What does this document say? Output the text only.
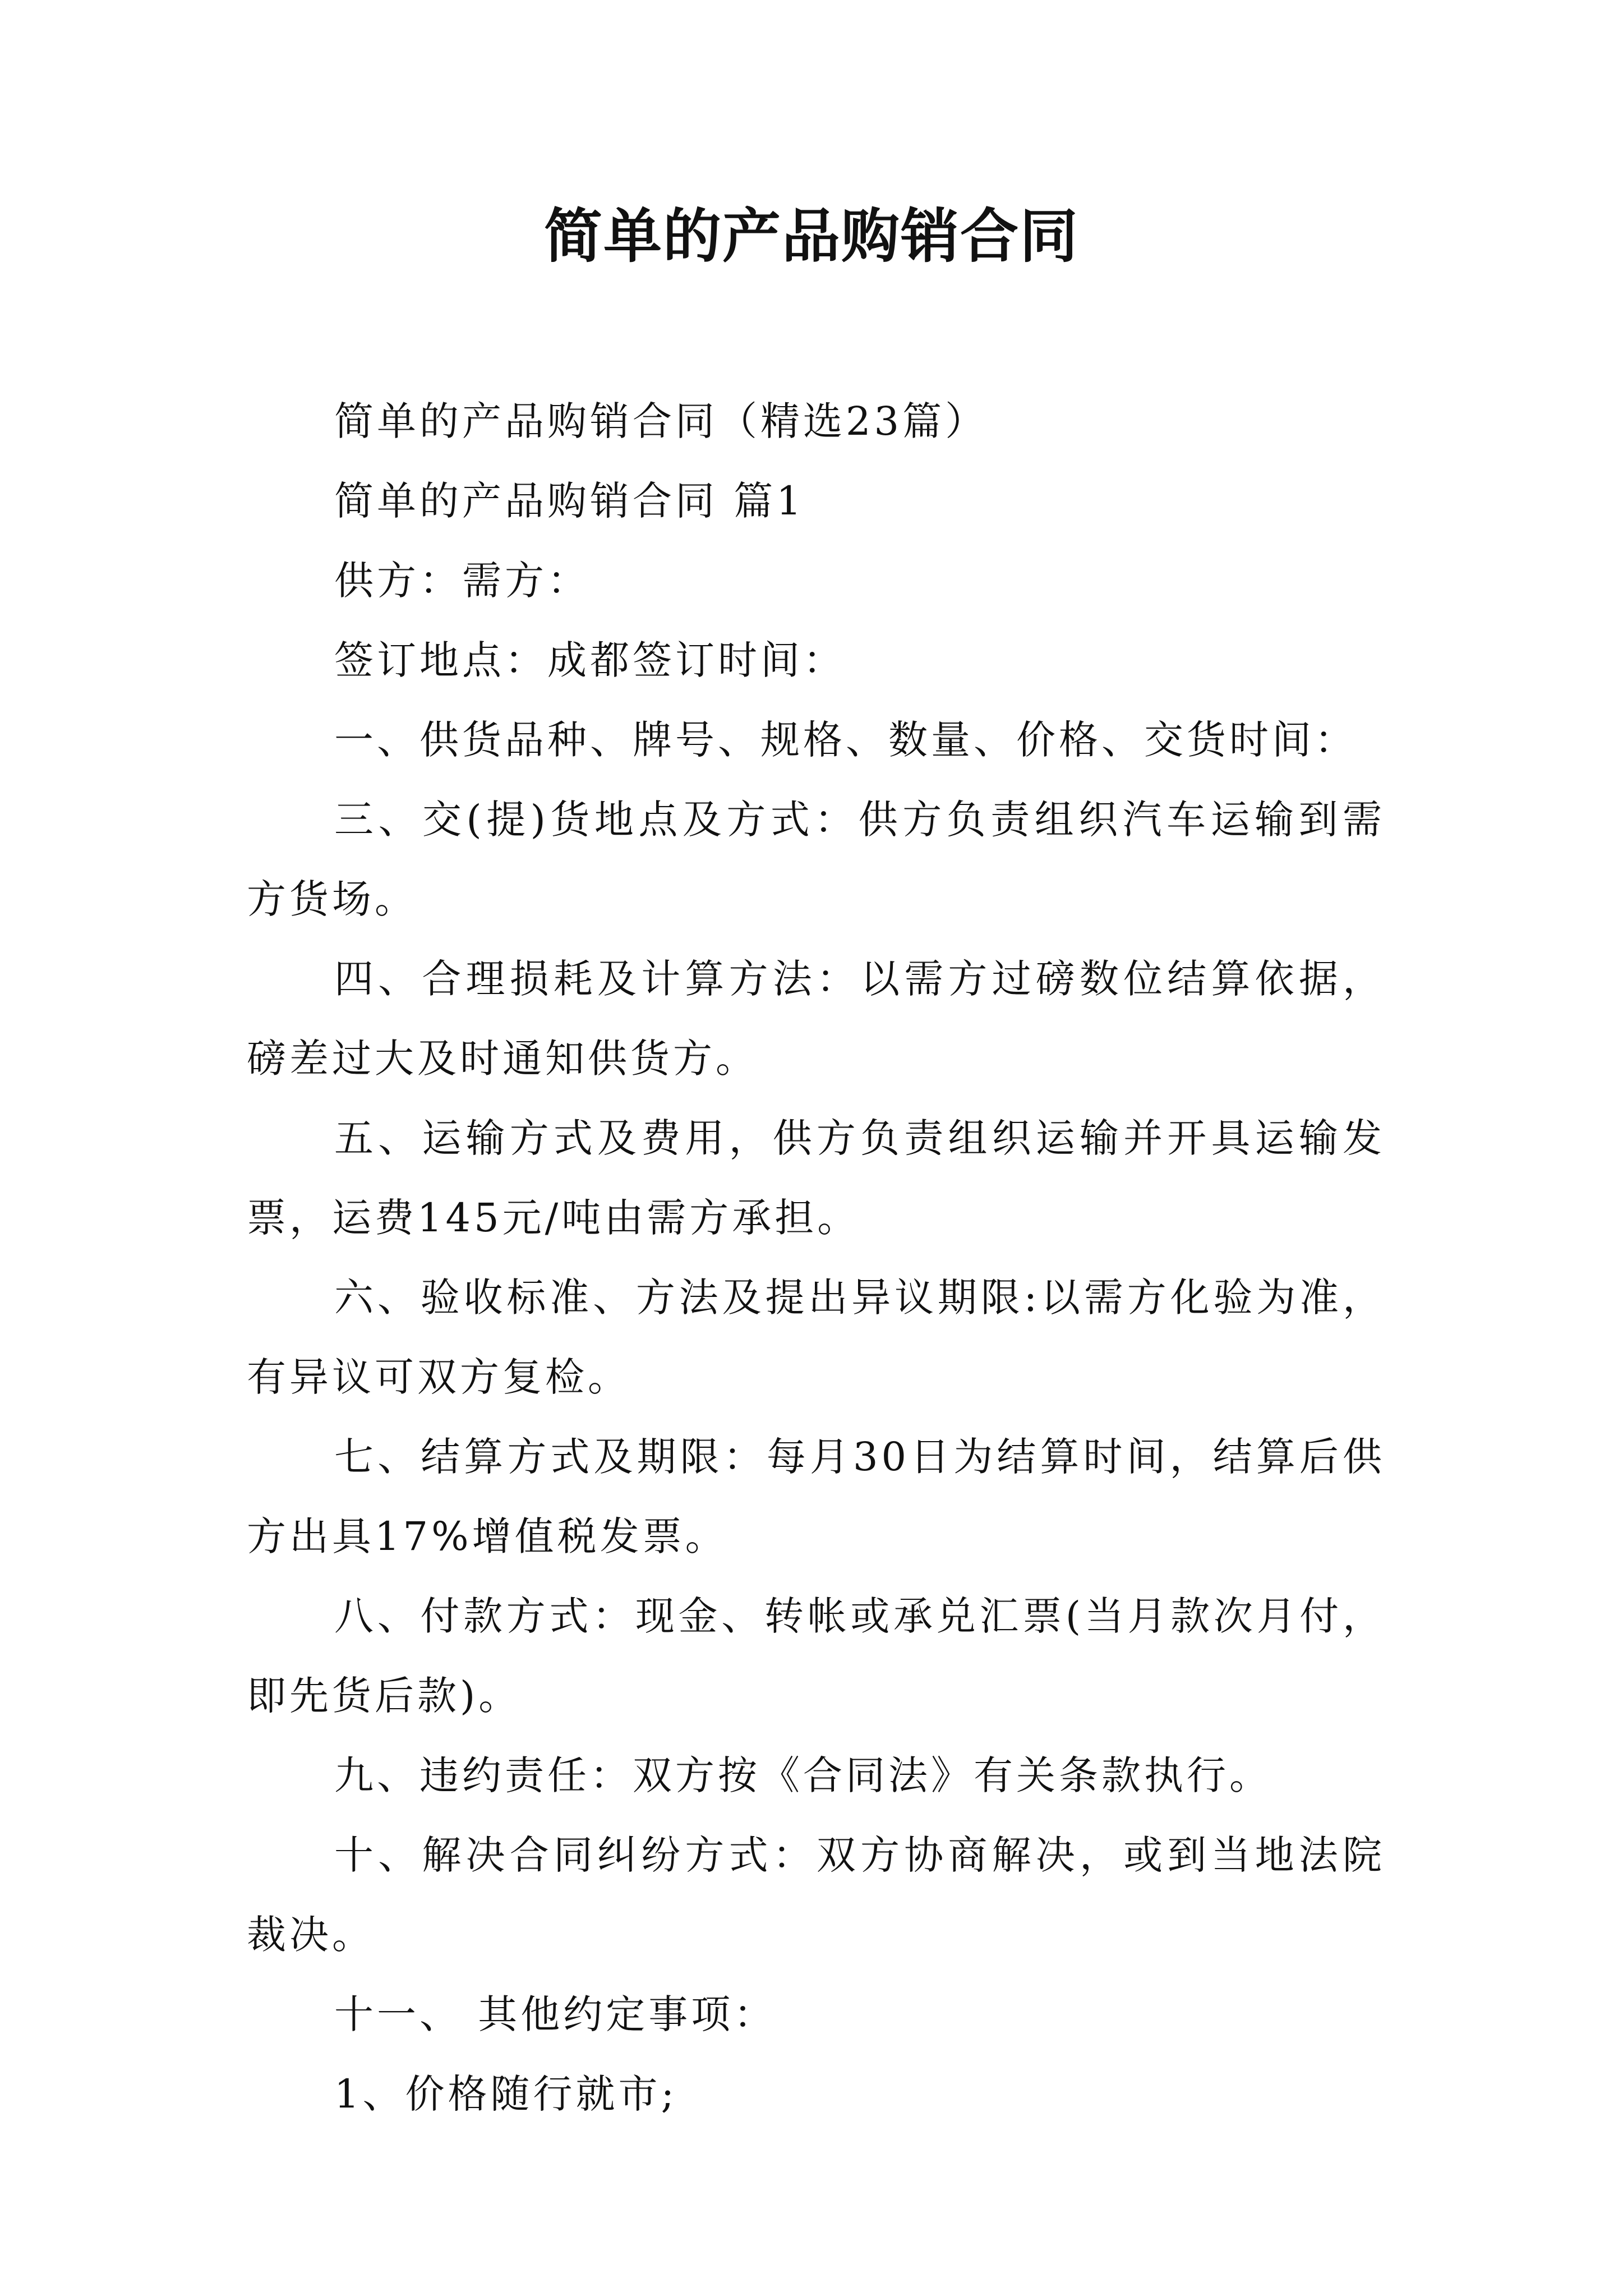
简单的产品购销合同

简单的产品购销合同（精选23篇）

简单的产品购销合同 篇1

供方：需方：

签订地点：成都签订时间：

一、供货品种、牌号、规格、数量、价格、交货时间：

三、交(提)货地点及方式：供方负责组织汽车运输到需方货场。

四、合理损耗及计算方法：以需方过磅数位结算依据，磅差过大及时通知供货方。

五、运输方式及费用，供方负责组织运输并开具运输发票，运费145元/吨由需方承担。

六、验收标准、方法及提出异议期限:以需方化验为准，有异议可双方复检。

七、结算方式及期限：每月30日为结算时间，结算后供方出具17%增值税发票。

八、付款方式：现金、转帐或承兑汇票(当月款次月付，即先货后款)。

九、违约责任：双方按《合同法》有关条款执行。

十、解决合同纠纷方式：双方协商解决，或到当地法院裁决。

十一、 其他约定事项：

1、价格随行就市;
